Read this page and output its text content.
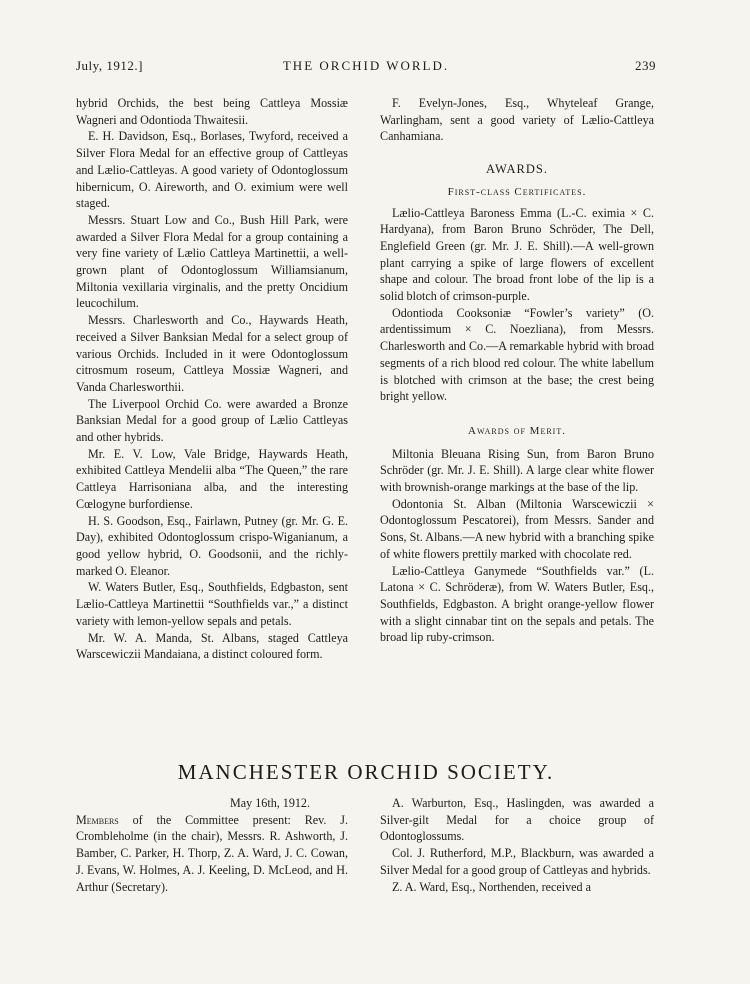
July, 1912.]	THE ORCHID WORLD.	239

hybrid Orchids, the best being Cattleya Mossiæ Wagneri and Odontioda Thwaitesii.

E. H. Davidson, Esq., Borlases, Twyford, received a Silver Flora Medal for an effective group of Cattleyas and Lælio-Cattleyas. A good variety of Odontoglossum hibernicum, O. Aireworth, and O. eximium were well staged.

Messrs. Stuart Low and Co., Bush Hill Park, were awarded a Silver Flora Medal for a group containing a very fine variety of Lælio Cattleya Martinettii, a well-grown plant of Odontoglossum Williamsianum, Miltonia vexillaria virginalis, and the pretty Oncidium leucochilum.

Messrs. Charlesworth and Co., Haywards Heath, received a Silver Banksian Medal for a select group of various Orchids. Included in it were Odontoglossum citrosmum roseum, Cattleya Mossiæ Wagneri, and Vanda Charlesworthii.

The Liverpool Orchid Co. were awarded a Bronze Banksian Medal for a good group of Lælio Cattleyas and other hybrids.

Mr. E. V. Low, Vale Bridge, Haywards Heath, exhibited Cattleya Mendelii alba “The Queen,” the rare Cattleya Harrisoniana alba, and the interesting Cœlogyne burfordiense.

H. S. Goodson, Esq., Fairlawn, Putney (gr. Mr. G. E. Day), exhibited Odontoglossum crispo-Wiganianum, a good yellow hybrid, O. Goodsonii, and the richly-marked O. Eleanor.

W. Waters Butler, Esq., Southfields, Edgbaston, sent Lælio-Cattleya Martinettii “Southfields var.,” a distinct variety with lemon-yellow sepals and petals.

Mr. W. A. Manda, St. Albans, staged Cattleya Warscewiczii Mandaiana, a distinct coloured form.

F. Evelyn-Jones, Esq., Whyteleaf Grange, Warlingham, sent a good variety of Lælio-Cattleya Canhamiana.

AWARDS.
First-class Certificates.

Lælio-Cattleya Baroness Emma (L.-C. eximia × C. Hardyana), from Baron Bruno Schröder, The Dell, Englefield Green (gr. Mr. J. E. Shill).—A well-grown plant carrying a spike of large flowers of excellent shape and colour. The broad front lobe of the lip is a solid blotch of crimson-purple.

Odontioda Cooksoniæ “Fowler’s variety” (O. ardentissimum × C. Noezliana), from Messrs. Charlesworth and Co.—A remarkable hybrid with broad segments of a rich blood red colour. The white labellum is blotched with crimson at the base; the crest being bright yellow.

Awards of Merit.

Miltonia Bleuana Rising Sun, from Baron Bruno Schröder (gr. Mr. J. E. Shill). A large clear white flower with brownish-orange markings at the base of the lip.

Odontonia St. Alban (Miltonia Warscewiczii × Odontoglossum Pescatorei), from Messrs. Sander and Sons, St. Albans.—A new hybrid with a branching spike of white flowers prettily marked with chocolate red.

Lælio-Cattleya Ganymede “Southfields var.” (L. Latona × C. Schröderæ), from W. Waters Butler, Esq., Southfields, Edgbaston. A bright orange-yellow flower with a slight cinnabar tint on the sepals and petals. The broad lip ruby-crimson.

MANCHESTER ORCHID SOCIETY.
May 16th, 1912.

Members of the Committee present: Rev. J. Crombleholme (in the chair), Messrs. R. Ashworth, J. Bamber, C. Parker, H. Thorp, Z. A. Ward, J. C. Cowan, J. Evans, W. Holmes, A. J. Keeling, D. McLeod, and H. Arthur (Secretary).

A. Warburton, Esq., Haslingden, was awarded a Silver-gilt Medal for a choice group of Odontoglossums.

Col. J. Rutherford, M.P., Blackburn, was awarded a Silver Medal for a good group of Cattleyas and hybrids.

Z. A. Ward, Esq., Northenden, received a
